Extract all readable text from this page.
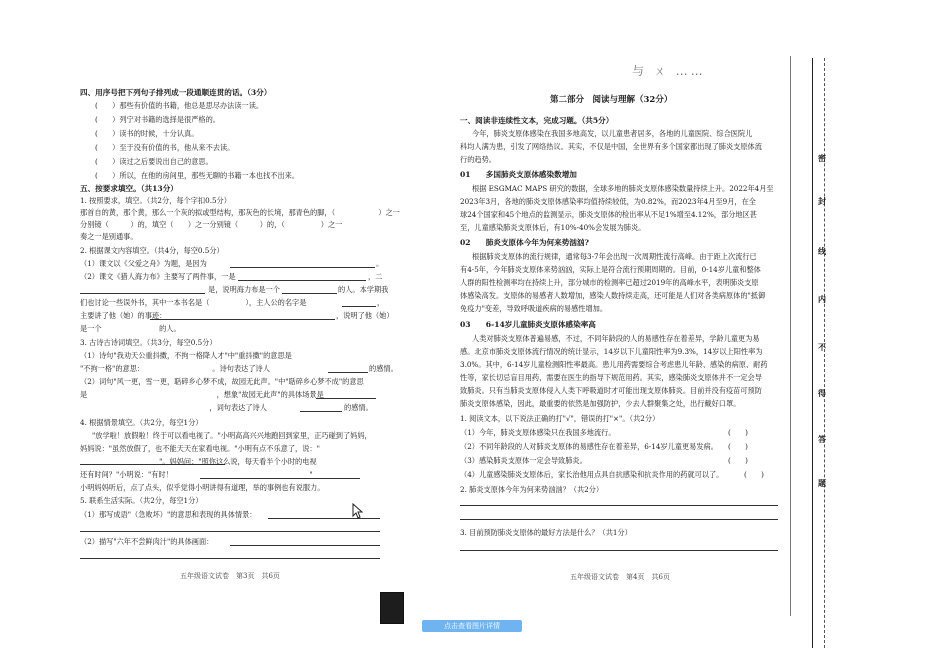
四、用序号把下列句子排列成一段通顺连贯的话。（3分）
(　　）那些有价值的书籍，他总是思尽办法读一读。
(　　）列宁对书籍的选择是很严格的。
(　　）读书的时候，十分认真。
(　　）至于没有价值的书，他从来不去读。
(　　）读过之后要说出自己的意思。
(　　）所以，在他的房间里，那些无聊的书籍一本也找不出来。
五、按要求填空。（共13分）
1. 按照要求，填空。（共2分，每个字扣0.5分）
那首自的黄，那个黄，那么一个灰的拟或型结构，那灰色的长境，那青色的脚，（　　　　　　）之一
分别镜（　　　）的，填空（　　）之一分别镜（　　　）的，（　　　　　）之一
奏之一是别通事。
2. 根据课文内容填空。（共4分，每空0.5分）
（1）课文以《父爱之舟》为题，是因为	。
（2）课文《猎人海力布》主要写了两件事，一是	，二
是，说明海力布是一个	的人。本学期我
们也讨论一些误外书，其中一本书名是（　　　　　），主人公的名字是	，
主要讲了他（她）的事迹：	，说明了他（她）
是一个　　　　　　　　的人。
3. 古诗古诗词填空。（共3分，每空0.5分）
（1）诗句"我劝天公重抖擞，不拘一格降人才"中"重抖擞"的意思是
"不拘一格"的意思：　　　　　　　　　　。诗句表达了诗人	的感情。
（2）词句"风一更，雪一更，聒碎乡心梦不成，故园无此声。"中"聒碎乡心梦不成"的意思
是　　　　　　　　　　　　　　　　　　，想象"故园无此声"的具体场景是
　　　　　　　　　　　　　　　　　　，词句表达了诗人	的感情。
4. 根据情景填空。（共2分，每空1分）
"放学啦！放假啦！终于可以看电视了。"小明高高兴兴地跑回到家里，正巧碰到了妈妈，
妈妈说："虽然放假了，也不能天天在家看电视。"小明有点不乐意了，说："
　　　　　　　　　　　"。妈妈问："照你这么说，每天看半个小时的电视
还有时间？"小明说："有时！　　　　　　　　　　　　　　　　　　　"
小明妈妈听后，点了点头，似乎觉得小明讲得有道理，举的事例也有说服力。
5. 联系生活实际。（共2分，每空1分）
（1）那写成语"（急败坏）"的意思和表现的具体情景：
（2）描写"六年不尝鲜肉汁"的具体画面：
五年级语文试卷　第3页　共6页
第二部分　阅读与理解（32分）
一、阅读非连续性文本，完成习题。（共5分）
今年，肺炎支原体感染在我国多地高发，以儿童患者居多，各地的儿童医院、综合医院儿
科均人满为患，引发了网络热议。其实，不仅是中国，全世界有多个国家都出现了肺炎支原体流
行的趋势。
01　　多国肺炎支原体感染数增加
根据 ESGMAC MAPS 研究的数据，全球多地的肺炎支原体感染数量持续上升。2022年4月至
2023年3月，各地的肺炎支原体感染率均值持续较低，为0.82%，而2023年4月至9月，在全
球24个国家和45个地点的监测显示，肺炎支原体的检出率从不足1%增至4.12%，部分地区甚
至，儿童感染肺炎支原体后，有10%-40%会发展为肺炎。
02　　肺炎支原体今年为何来势汹汹?
根据肺炎支原体的流行规律，通常每3-7年会出现一次周期性流行高峰。由于距上次流行已
有4-5年，今年肺炎支原体来势汹汹，实际上是符合流行预期周期的。目前，0-14岁儿童和整体
人群的阳性检测率均在持续上升，部分城市的检测率已超过2019年的高峰水平，表明肺炎支原
体感染高发。支原体的易感者人数增加，感染人数持续走高，还可能是人们对各类病原体的"抵御
免疫力"变差，导致呼吸道疾病的易感性增加。
03　　6-14岁儿童肺炎支原体感染率高
人类对肺炎支原体普遍易感，不过，不同年龄段的人的易感性存在着差异，学龄儿童更为易
感。北京市肺炎支原体流行情况的统计显示，14岁以下儿童阳性率为9.3%，14岁以上阳性率为
3.0%。其中，6-14岁儿童检测阳性率最高。患儿用药需要综合考虑患儿年龄、感染的病原、耐药
性等，家长切忌盲目用药，需要在医生的指导下规范用药。其实，感染肺炎支原体并不一定会导
致肺炎。只有当肺炎支原体侵入人类下呼吸道时才可能出现支原体肺炎。目前并没有疫苗可预防
肺炎支原体感染，因此，最重要的依然是加强防护，少去人群聚集之处，出行戴好口罩。
1. 阅读文本，以下说法正确的打"√"，错误的打"×"。（共2分）
（1）今年，肺炎支原体感染只在我国多地流行。	(　　)
（2）不同年龄段的人对肺炎支原体的易感性存在着差异，6-14岁儿童更易发病。 (　　)
（3）感染肺炎支原体一定会导致肺炎。	(　　)
（4）儿童感染肺炎支原体后，家长治他用点具自抗感染和抗炎作用的药就可以了。	(　　)
2. 肺炎支原体今年为何来势汹汹？（共2分）
3. 目前预防肺炎支原体的最好方法是什么？（共1分）
五年级语文试卷　第4页　共6页
与 ㄨ ……
密
封
线
内
不
得
答
题
点击查看图片详情
